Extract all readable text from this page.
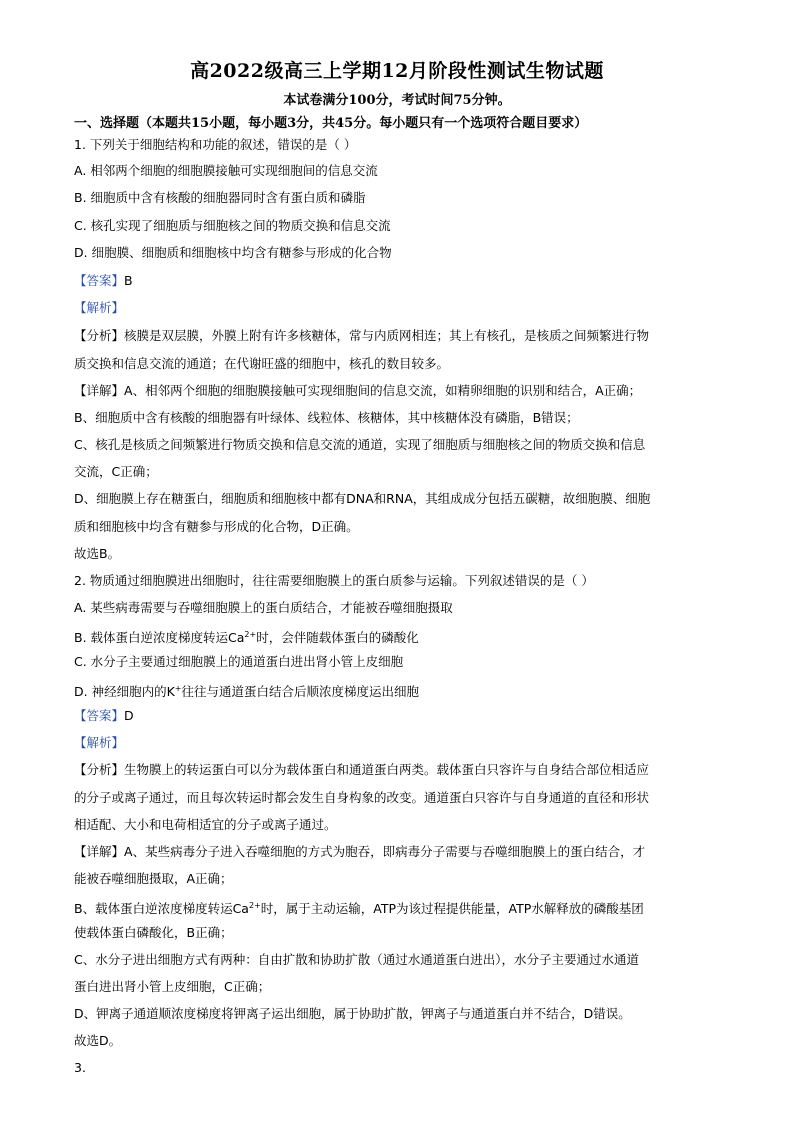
高2022级高三上学期12月阶段性测试生物试题
本试卷满分100分，考试时间75分钟。
一、选择题（本题共15小题，每小题3分，共45分。每小题只有一个选项符合题目要求）
1. 下列关于细胞结构和功能的叙述，错误的是（ ）
A. 相邻两个细胞的细胞膜接触可实现细胞间的信息交流
B. 细胞质中含有核酸的细胞器同时含有蛋白质和磷脂
C. 核孔实现了细胞质与细胞核之间的物质交换和信息交流
D. 细胞膜、细胞质和细胞核中均含有糖参与形成的化合物
【答案】B
【解析】
【分析】核膜是双层膜，外膜上附有许多核糖体，常与内质网相连；其上有核孔，是核质之间频繁进行物
质交换和信息交流的通道；在代谢旺盛的细胞中，核孔的数目较多。
【详解】A、相邻两个细胞的细胞膜接触可实现细胞间的信息交流，如精卵细胞的识别和结合，A正确；
B、细胞质中含有核酸的细胞器有叶绿体、线粒体、核糖体，其中核糖体没有磷脂，B错误；
C、核孔是核质之间频繁进行物质交换和信息交流的通道，实现了细胞质与细胞核之间的物质交换和信息
交流，C正确；
D、细胞膜上存在糖蛋白，细胞质和细胞核中都有DNA和RNA，其组成成分包括五碳糖，故细胞膜、细胞
质和细胞核中均含有糖参与形成的化合物，D正确。
故选B。
2. 物质通过细胞膜进出细胞时，往往需要细胞膜上的蛋白质参与运输。下列叙述错误的是（ ）
A. 某些病毒需要与吞噬细胞膜上的蛋白质结合，才能被吞噬细胞摄取
B. 载体蛋白逆浓度梯度转运$Ca^{2+}$时，会伴随载体蛋白的磷酸化
C. 水分子主要通过细胞膜上的通道蛋白进出肾小管上皮细胞
D. 神经细胞内的K+往往与通道蛋白结合后顺浓度梯度运出细胞
【答案】D
【解析】
【分析】生物膜上的转运蛋白可以分为载体蛋白和通道蛋白两类。载体蛋白只容许与自身结合部位相适应
的分子或离子通过，而且每次转运时都会发生自身构象的改变。通道蛋白只容许与自身通道的直径和形状
相适配、大小和电荷相适宜的分子或离子通过。
【详解】A、某些病毒分子进入吞噬细胞的方式为胞吞，即病毒分子需要与吞噬细胞膜上的蛋白结合，才
能被吞噬细胞摄取，A正确；
B、载体蛋白逆浓度梯度转运$Ca^{2+}$时，属于主动运输，ATP为该过程提供能量，ATP水解释放的磷酸基团
使载体蛋白磷酸化，B正确；
C、水分子进出细胞方式有两种：自由扩散和协助扩散（通过水通道蛋白进出），水分子主要通过水通道
蛋白进出肾小管上皮细胞，C正确；
D、钾离子通道顺浓度梯度将钾离子运出细胞，属于协助扩散，钾离子与通道蛋白并不结合，D错误。
故选D。
3.
